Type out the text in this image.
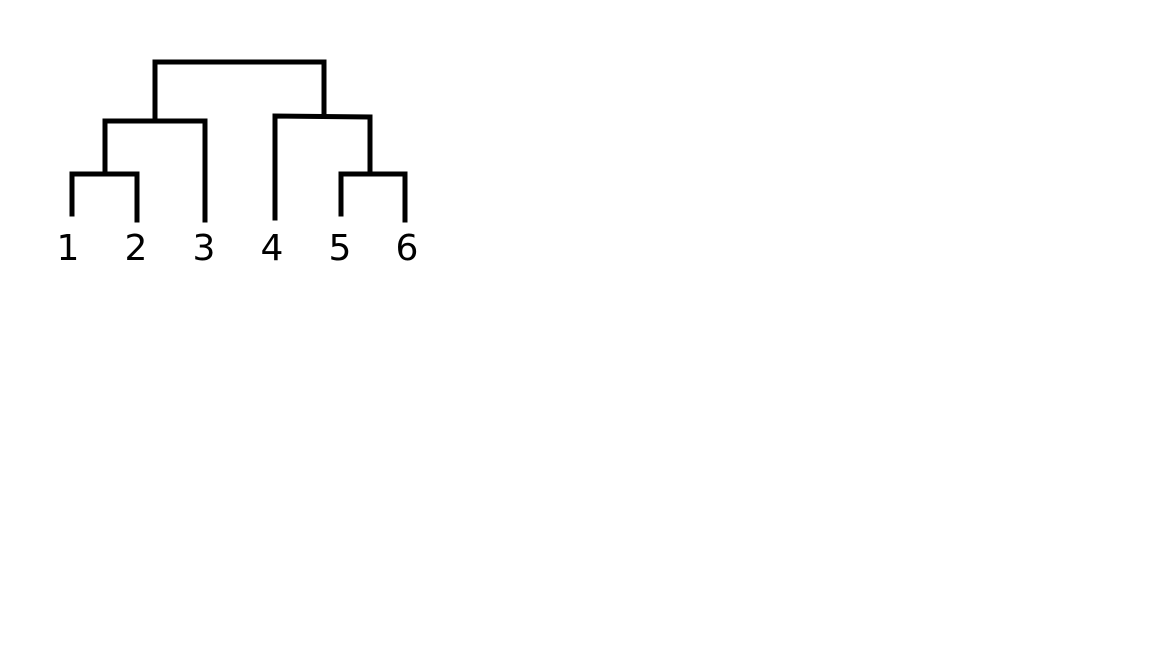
1 2 3 4 5 6
